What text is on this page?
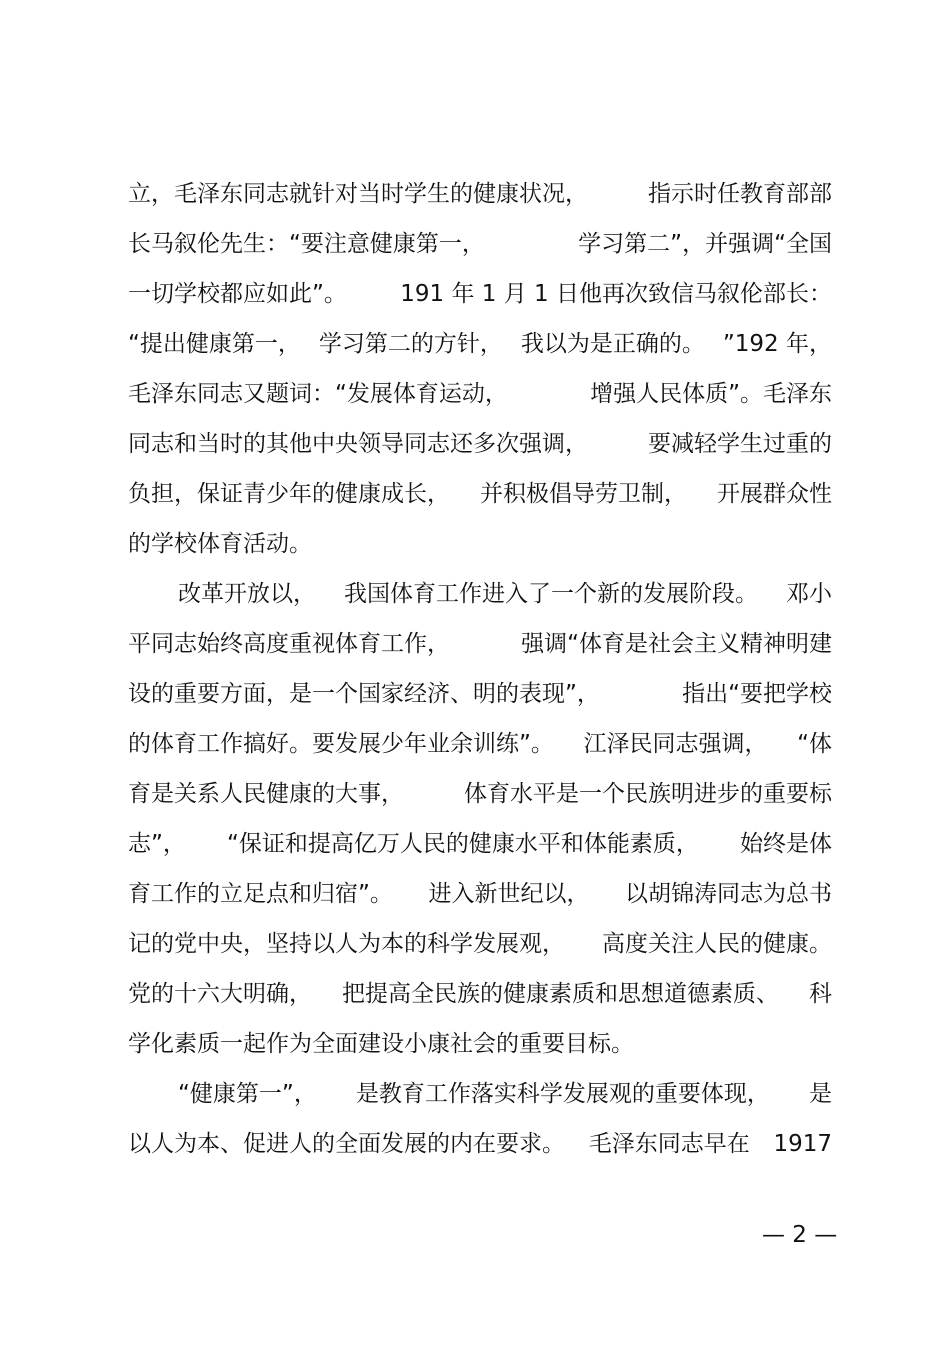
立，毛泽东同志就针对当时学生的健康状况，	指示时任教育部部
长马叙伦先生：“要注意健康第一，	学习第二”，并强调“全国
一切学校都应如此”。 191 年 1 月 1 日他再次致信马叙伦部长：
“提出健康第一， 学习第二的方针， 我以为是正确的。 ”192 年，
毛泽东同志又题词：“发展体育运动，	增强人民体质”。毛泽东
同志和当时的其他中央领导同志还多次强调，	要减轻学生过重的
负担，保证青少年的健康成长， 并积极倡导劳卫制， 开展群众性
的学校体育活动。
改革开放以， 我国体育工作进入了一个新的发展阶段。 邓小
平同志始终高度重视体育工作，	强调“体育是社会主义精神明建
设的重要方面，是一个国家经济、明的表现”，	指出“要把学校
的体育工作搞好。要发展少年业余训练”。 江泽民同志强调， “体
育是关系人民健康的大事，	体育水平是一个民族明进步的重要标
志”， “保证和提高亿万人民的健康水平和体能素质， 始终是体
育工作的立足点和归宿”。 进入新世纪以， 以胡锦涛同志为总书
记的党中央，坚持以人为本的科学发展观， 高度关注人民的健康。
党的十六大明确， 把提高全民族的健康素质和思想道德素质、 科
学化素质一起作为全面建设小康社会的重要目标。
“健康第一”， 是教育工作落实科学发展观的重要体现， 是
以人为本、促进人的全面发展的内在要求。 毛泽东同志早在 1917
— 2 —
